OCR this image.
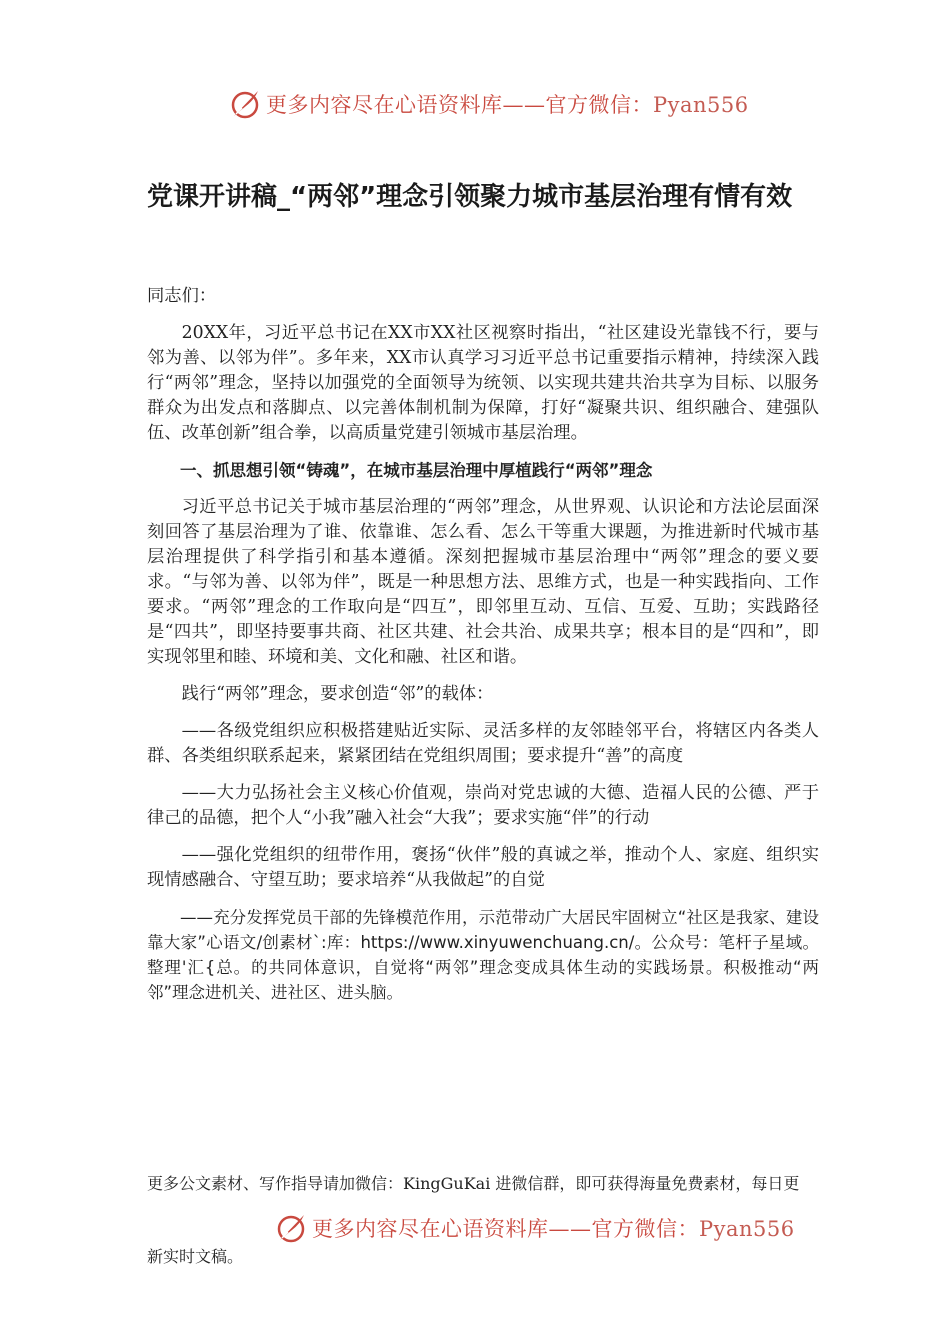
更多内容尽在心语资料库——官方微信：Pyan556
党课开讲稿_“两邻”理念引领聚力城市基层治理有情有效

同志们：

20XX年，习近平总书记在XX市XX社区视察时指出，“社区建设光靠钱不行，要与邻为善、以邻为伴”。多年来，XX市认真学习习近平总书记重要指示精神，持续深入践行“两邻”理念，坚持以加强党的全面领导为统领、以实现共建共治共享为目标、以服务群众为出发点和落脚点、以完善体制机制为保障，打好“凝聚共识、组织融合、建强队伍、改革创新”组合拳，以高质量党建引领城市基层治理。

一、抓思想引领“铸魂”，在城市基层治理中厚植践行“两邻”理念

习近平总书记关于城市基层治理的“两邻”理念，从世界观、认识论和方法论层面深刻回答了基层治理为了谁、依靠谁、怎么看、怎么干等重大课题，为推进新时代城市基层治理提供了科学指引和基本遵循。深刻把握城市基层治理中“两邻”理念的要义要求。“与邻为善、以邻为伴”，既是一种思想方法、思维方式，也是一种实践指向、工作要求。“两邻”理念的工作取向是“四互”，即邻里互动、互信、互爱、互助；实践路径是“四共”，即坚持要事共商、社区共建、社会共治、成果共享；根本目的是“四和”，即实现邻里和睦、环境和美、文化和融、社区和谐。

践行“两邻”理念，要求创造“邻”的载体：

——各级党组织应积极搭建贴近实际、灵活多样的友邻睦邻平台，将辖区内各类人群、各类组织联系起来，紧紧团结在党组织周围；要求提升“善”的高度

——大力弘扬社会主义核心价值观，崇尚对党忠诚的大德、造福人民的公德、严于律己的品德，把个人“小我”融入社会“大我”；要求实施“伴”的行动

——强化党组织的纽带作用，褒扬“伙伴”般的真诚之举，推动个人、家庭、组织实现情感融合、守望互助；要求培养“从我做起”的自觉

——充分发挥党员干部的先锋模范作用，示范带动广大居民牢固树立“社区是我家、建设靠大家”心语文/创素材`:库：https://www.xinyuwenchuang.cn/。公众号：笔杆子星域。整理'汇{总。的共同体意识，自觉将“两邻”理念变成具体生动的实践场景。积极推动“两邻”理念进机关、进社区、进头脑。

更多公文素材、写作指导请加微信：KingGuKai 进微信群，即可获得海量免费素材，每日更
更多内容尽在心语资料库——官方微信：Pyan556
新实时文稿。
